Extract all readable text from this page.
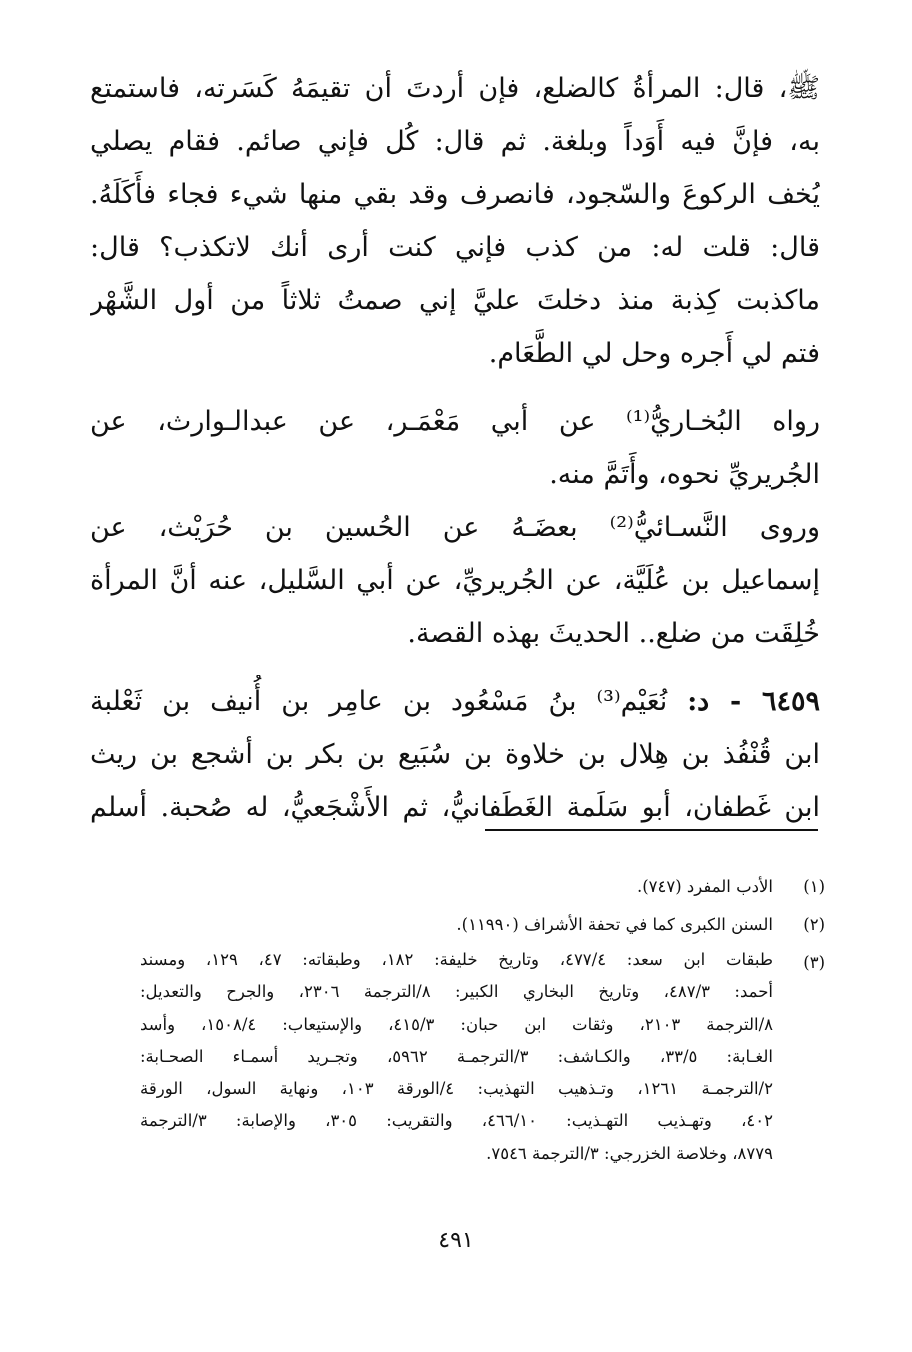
ﷺ، قال: المرأةُ كالضلع، فإن أردتَ أن تقيمَهُ كَسَرته، فاستمتع
به، فإنَّ فيه أَوَداً وبلغة. ثم قال: كُل فإني صائم. فقام يصلي
يُخف الركوعَ والسّجود، فانصرف وقد بقي منها شيء فجاء فأَكَلَهُ.
قال: قلت له: من كذب فإني كنت أرى أنك لاتكذب؟ قال:
ماكذبت كِذبة منذ دخلتَ عليَّ إني صمتُ ثلاثاً من أول الشَّهْر
فتم لي أَجره وحل لي الطَّعَام.
رواه البُخـاريُّ⁽¹⁾ عن أبي مَعْمَـر، عن عبدالـوارث، عن
الجُريريِّ نحوه، وأَتَمَّ منه.
وروى النَّسـائيُّ⁽²⁾ بعضَـهُ عن الحُسين بن حُرَيْث، عن
إسماعيل بن عُلَيَّة، عن الجُريريِّ، عن أبي السَّليل، عنه أنَّ المرأة
خُلِقَت من ضلع.. الحديثَ بهذه القصة.
٦٤٥٩ - د: نُعَيْم⁽³⁾ بنُ مَسْعُود بن عامِر بن أُنيف بن ثَعْلبة
ابن قُنْفُذ بن هِلال بن خلاوة بن سُبَيع بن بكر بن أشجع بن ريث
ابن غَطفان، أبو سَلَمة الغَطَفانيُّ، ثم الأَشْجَعيُّ، له صُحبة. أسلم
(١)
الأدب المفرد (٧٤٧).
(٢)
السنن الكبرى كما في تحفة الأشراف (١١٩٩٠).
(٣)
طبقات ابن سعد: ٤٧٧/٤، وتاريخ خليفة: ١٨٢، وطبقاته: ٤٧، ١٢٩، ومسند
أحمد: ٤٨٧/٣، وتاريخ البخاري الكبير: ٨/الترجمة ٢٣٠٦، والجرح والتعديل:
٨/الترجمة ٢١٠٣، وثقات ابن حبان: ٤١٥/٣، والإستيعاب: ١٥٠٨/٤، وأسد
الغـابة: ٣٣/٥، والكـاشف: ٣/الترجمـة ٥٩٦٢، وتجـريد أسمـاء الصحـابة:
٢/الترجمـة ١٢٦١، وتـذهيب التهذيب: ٤/الورقة ١٠٣، ونهاية السول، الورقة
٤٠٢، وتهـذيب التهـذيب: ٤٦٦/١٠، والتقريب: ٣٠٥، والإصابة: ٣/الترجمة
٨٧٧٩، وخلاصة الخزرجي: ٣/الترجمة ٧٥٤٦.
٤٩١
